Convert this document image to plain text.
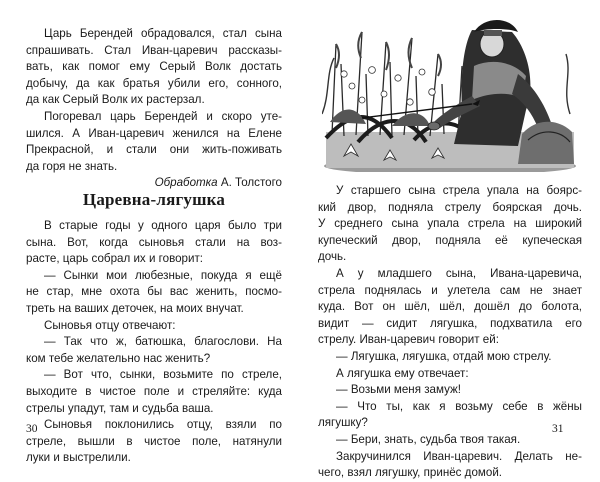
Царь Берендей обрадовался, стал сына

спрашивать. Стал Иван-царевич рассказы-

вать, как помог ему Серый Волк достать

добычу, да как братья убили его, сонного,

да как Серый Волк их растерзал.

Погоревал царь Берендей и скоро уте-

шился. А Иван-царевич женился на Елене

Прекрасной, и стали они жить-поживать

да горя не знать.

Обработка А. Толстого

Царевна-лягушка

В старые годы у одного царя было три

сына. Вот, когда сыновья стали на воз-

расте, царь собрал их и говорит:

— Сынки мои любезные, покуда я ещё

не стар, мне охота бы вас женить, посмо-

треть на ваших деточек, на моих внучат.

Сыновья отцу отвечают:

— Так что ж, батюшка, благослови. На

ком тебе желательно нас женить?

— Вот что, сынки, возьмите по стреле,

выходите в чистое поле и стреляйте: куда

стрелы упадут, там и судьба ваша.

Сыновья поклонились отцу, взяли по

стреле, вышли в чистое поле, натянули

луки и выстрелили.

30

У старшего сына стрела упала на боярс-

кий двор, подняла стрелу боярская дочь.

У среднего сына упала стрела на широкий

купеческий двор, подняла её купеческая

дочь.

А у младшего сына, Ивана-царевича,

стрела поднялась и улетела сам не знает

куда. Вот он шёл, шёл, дошёл до болота,

видит — сидит лягушка, подхватила его

стрелу. Иван-царевич говорит ей:

— Лягушка, лягушка, отдай мою стрелу.

А лягушка ему отвечает:

— Возьми меня замуж!

— Что ты, как я возьму себе в жёны

лягушку?

— Бери, знать, судьба твоя такая.

Закручинился Иван-царевич. Делать не-

чего, взял лягушку, принёс домой.

31
